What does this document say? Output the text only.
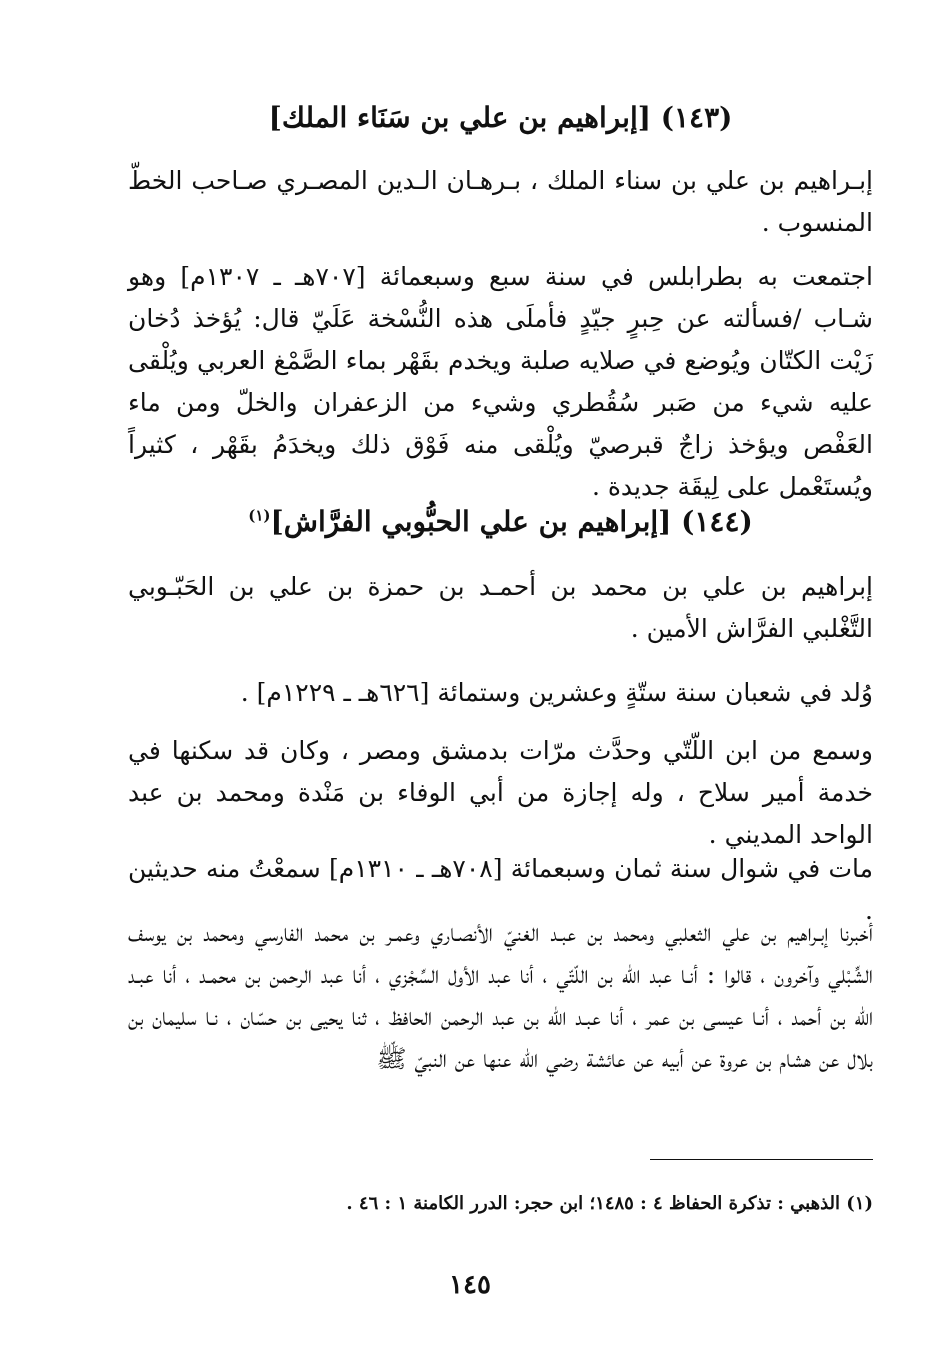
(١٤٣) [إبراهيم بن علي بن سَنَاء الملك]
إبـراهيم بن علي بن سناء الملك ، بـرهـان الـدين المصـري صـاحب الخطّ المنسوب .
اجتمعت به بطرابلس في سنة سبع وسبعمائة [٧٠٧هـ ـ ١٣٠٧م] وهو شـاب /فسألته عن حِبرٍ جيّدٍ فأملَى هذه النُّسْخة عَلَيّ قال: يُؤخذ دُخان زَيْت الكتّان ويُوضع في صلايه صلبة ويخدم بقَهْر بماء الصَّمْغ العربي ويُلْقى عليه شيء من صَبر سُقُطري وشيء من الزعفران والخلّ ومن ماء العَفْص ويؤخذ زاجٌ قبرصيّ ويُلْقى منه فَوْق ذلك ويخدَمُ بقَهْر ، كثيراً ويُستَعْمل على لِيقَة جديدة .
(١٤٤) [إبراهيم بن علي الحبُّوبي الفرَّاش]$^{(١)}$
إبراهيم بن علي بن محمد بن أحمـد بن حمزة بن علي بن الحَبّـوبي التَّغْلبي الفرَّاش الأمين .
وُلد في شعبان سنة ستّةٍ وعشرين وستمائة [٦٢٦هـ ـ ١٢٢٩م] .
وسمع من ابن اللّتّي وحدَّث مرّات بدمشق ومصر ، وكان قد سكنها في خدمة أمير سلاح ، وله إجازة من أبي الوفاء بن مَنْدة ومحمد بن عبد الواحد المديني .
مات في شوال سنة ثمان وسبعمائة [٧٠٨هـ ـ ١٣١٠م] سمعْتُ منه حديثين .
أخبرنا إبـراهيم بن علي الثعلبي ومحمد بن عبـد الغنيّ الأنصـاري وعمـر بن محمد الفارسي ومحمد بن يوسف الشِّبْلي وآخرون ، قالوا : أنـا عبد اللّه بن اللّتّي ، أنا عبد الأول السِّجْزي ، أنا عبد الرحمن بن محمـد ، أنا عبـد اللّه بن أحمد ، أنـا عيسى بن عمر ، أنا عبـد اللّه بن عبد الرحمن الحافظ ، ثنا يحيى بن حسّان ، نـا سليمان بن بلال عن هشام بن عروة عن أبيه عن عائشة رضي الله عنها عن النبيّ ﷺ
(١) الذهبي : تذكرة الحفاظ ٤ : ١٤٨٥؛ ابن حجر: الدرر الكامنة ١ : ٤٦ .
١٤٥
